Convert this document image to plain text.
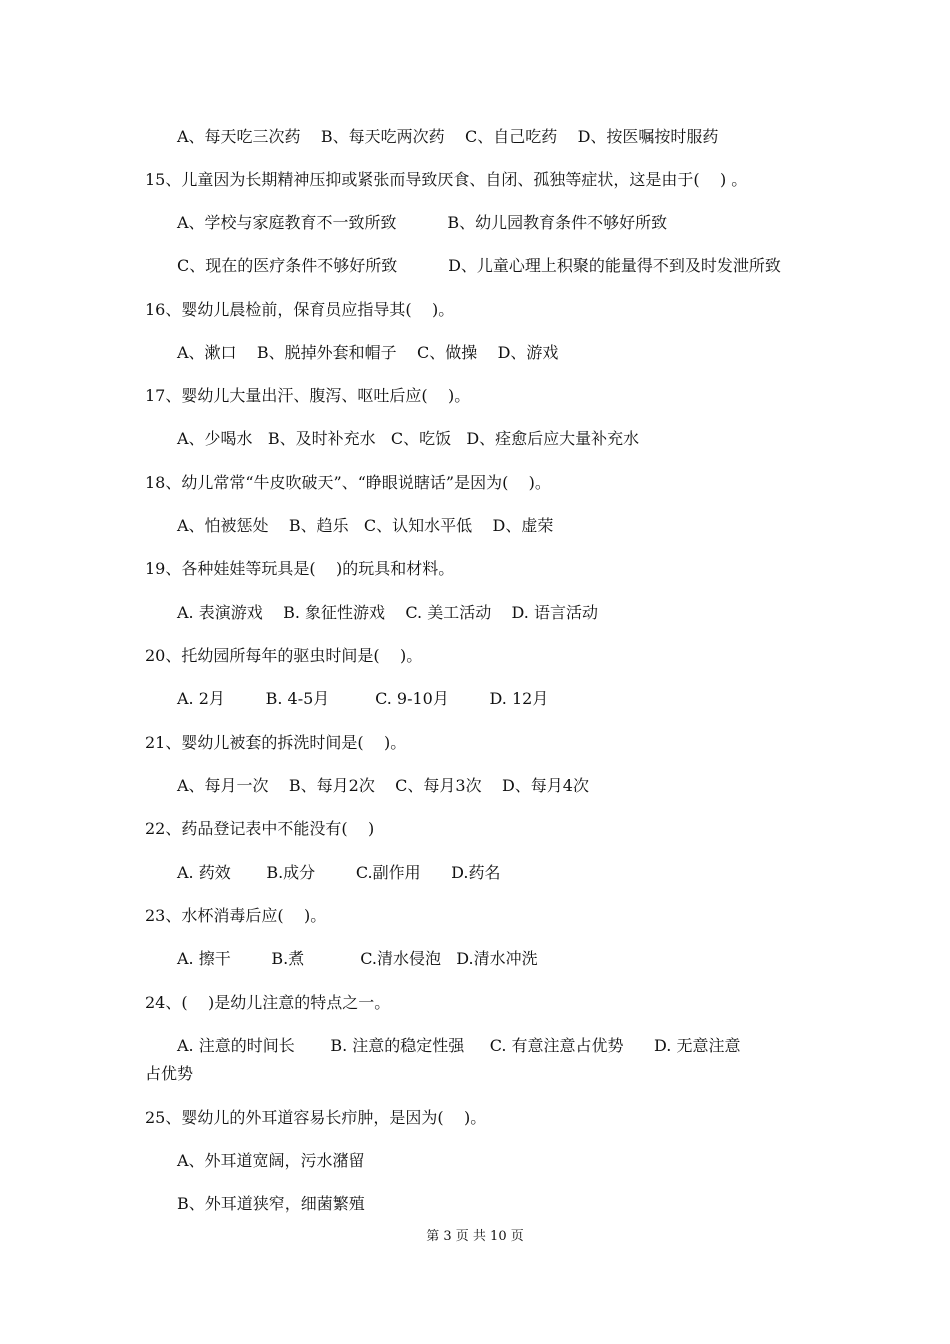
A、每天吃三次药    B、每天吃两次药    C、自己吃药    D、按医嘱按时服药
15、儿童因为长期精神压抑或紧张而导致厌食、自闭、孤独等症状，这是由于(    ) 。
A、学校与家庭教育不一致所致          B、幼儿园教育条件不够好所致
C、现在的医疗条件不够好所致          D、儿童心理上积聚的能量得不到及时发泄所致
16、婴幼儿晨检前，保育员应指导其(    )。
A、漱口    B、脱掉外套和帽子    C、做操    D、游戏
17、婴幼儿大量出汗、腹泻、呕吐后应(    )。
A、少喝水   B、及时补充水   C、吃饭   D、痊愈后应大量补充水
18、幼儿常常“牛皮吹破天”、“睁眼说瞎话”是因为(    )。
A、怕被惩处    B、趋乐   C、认知水平低    D、虚荣
19、各种娃娃等玩具是(    )的玩具和材料。
A. 表演游戏    B. 象征性游戏    C. 美工活动    D. 语言活动
20、托幼园所每年的驱虫时间是(    )。
A. 2月        B. 4-5月         C. 9-10月        D. 12月
21、婴幼儿被套的拆洗时间是(    )。
A、每月一次    B、每月2次    C、每月3次    D、每月4次
22、药品登记表中不能没有(    )
A. 药效       B.成分        C.副作用      D.药名
23、水杯消毒后应(    )。
A. 擦干        B.煮           C.清水侵泡   D.清水冲洗
24、(    )是幼儿注意的特点之一。
A. 注意的时间长       B. 注意的稳定性强     C. 有意注意占优势      D. 无意注意
占优势
25、婴幼儿的外耳道容易长疖肿，是因为(    )。
A、外耳道宽阔，污水潴留
B、外耳道狭窄，细菌繁殖
第 3 页 共 10 页
